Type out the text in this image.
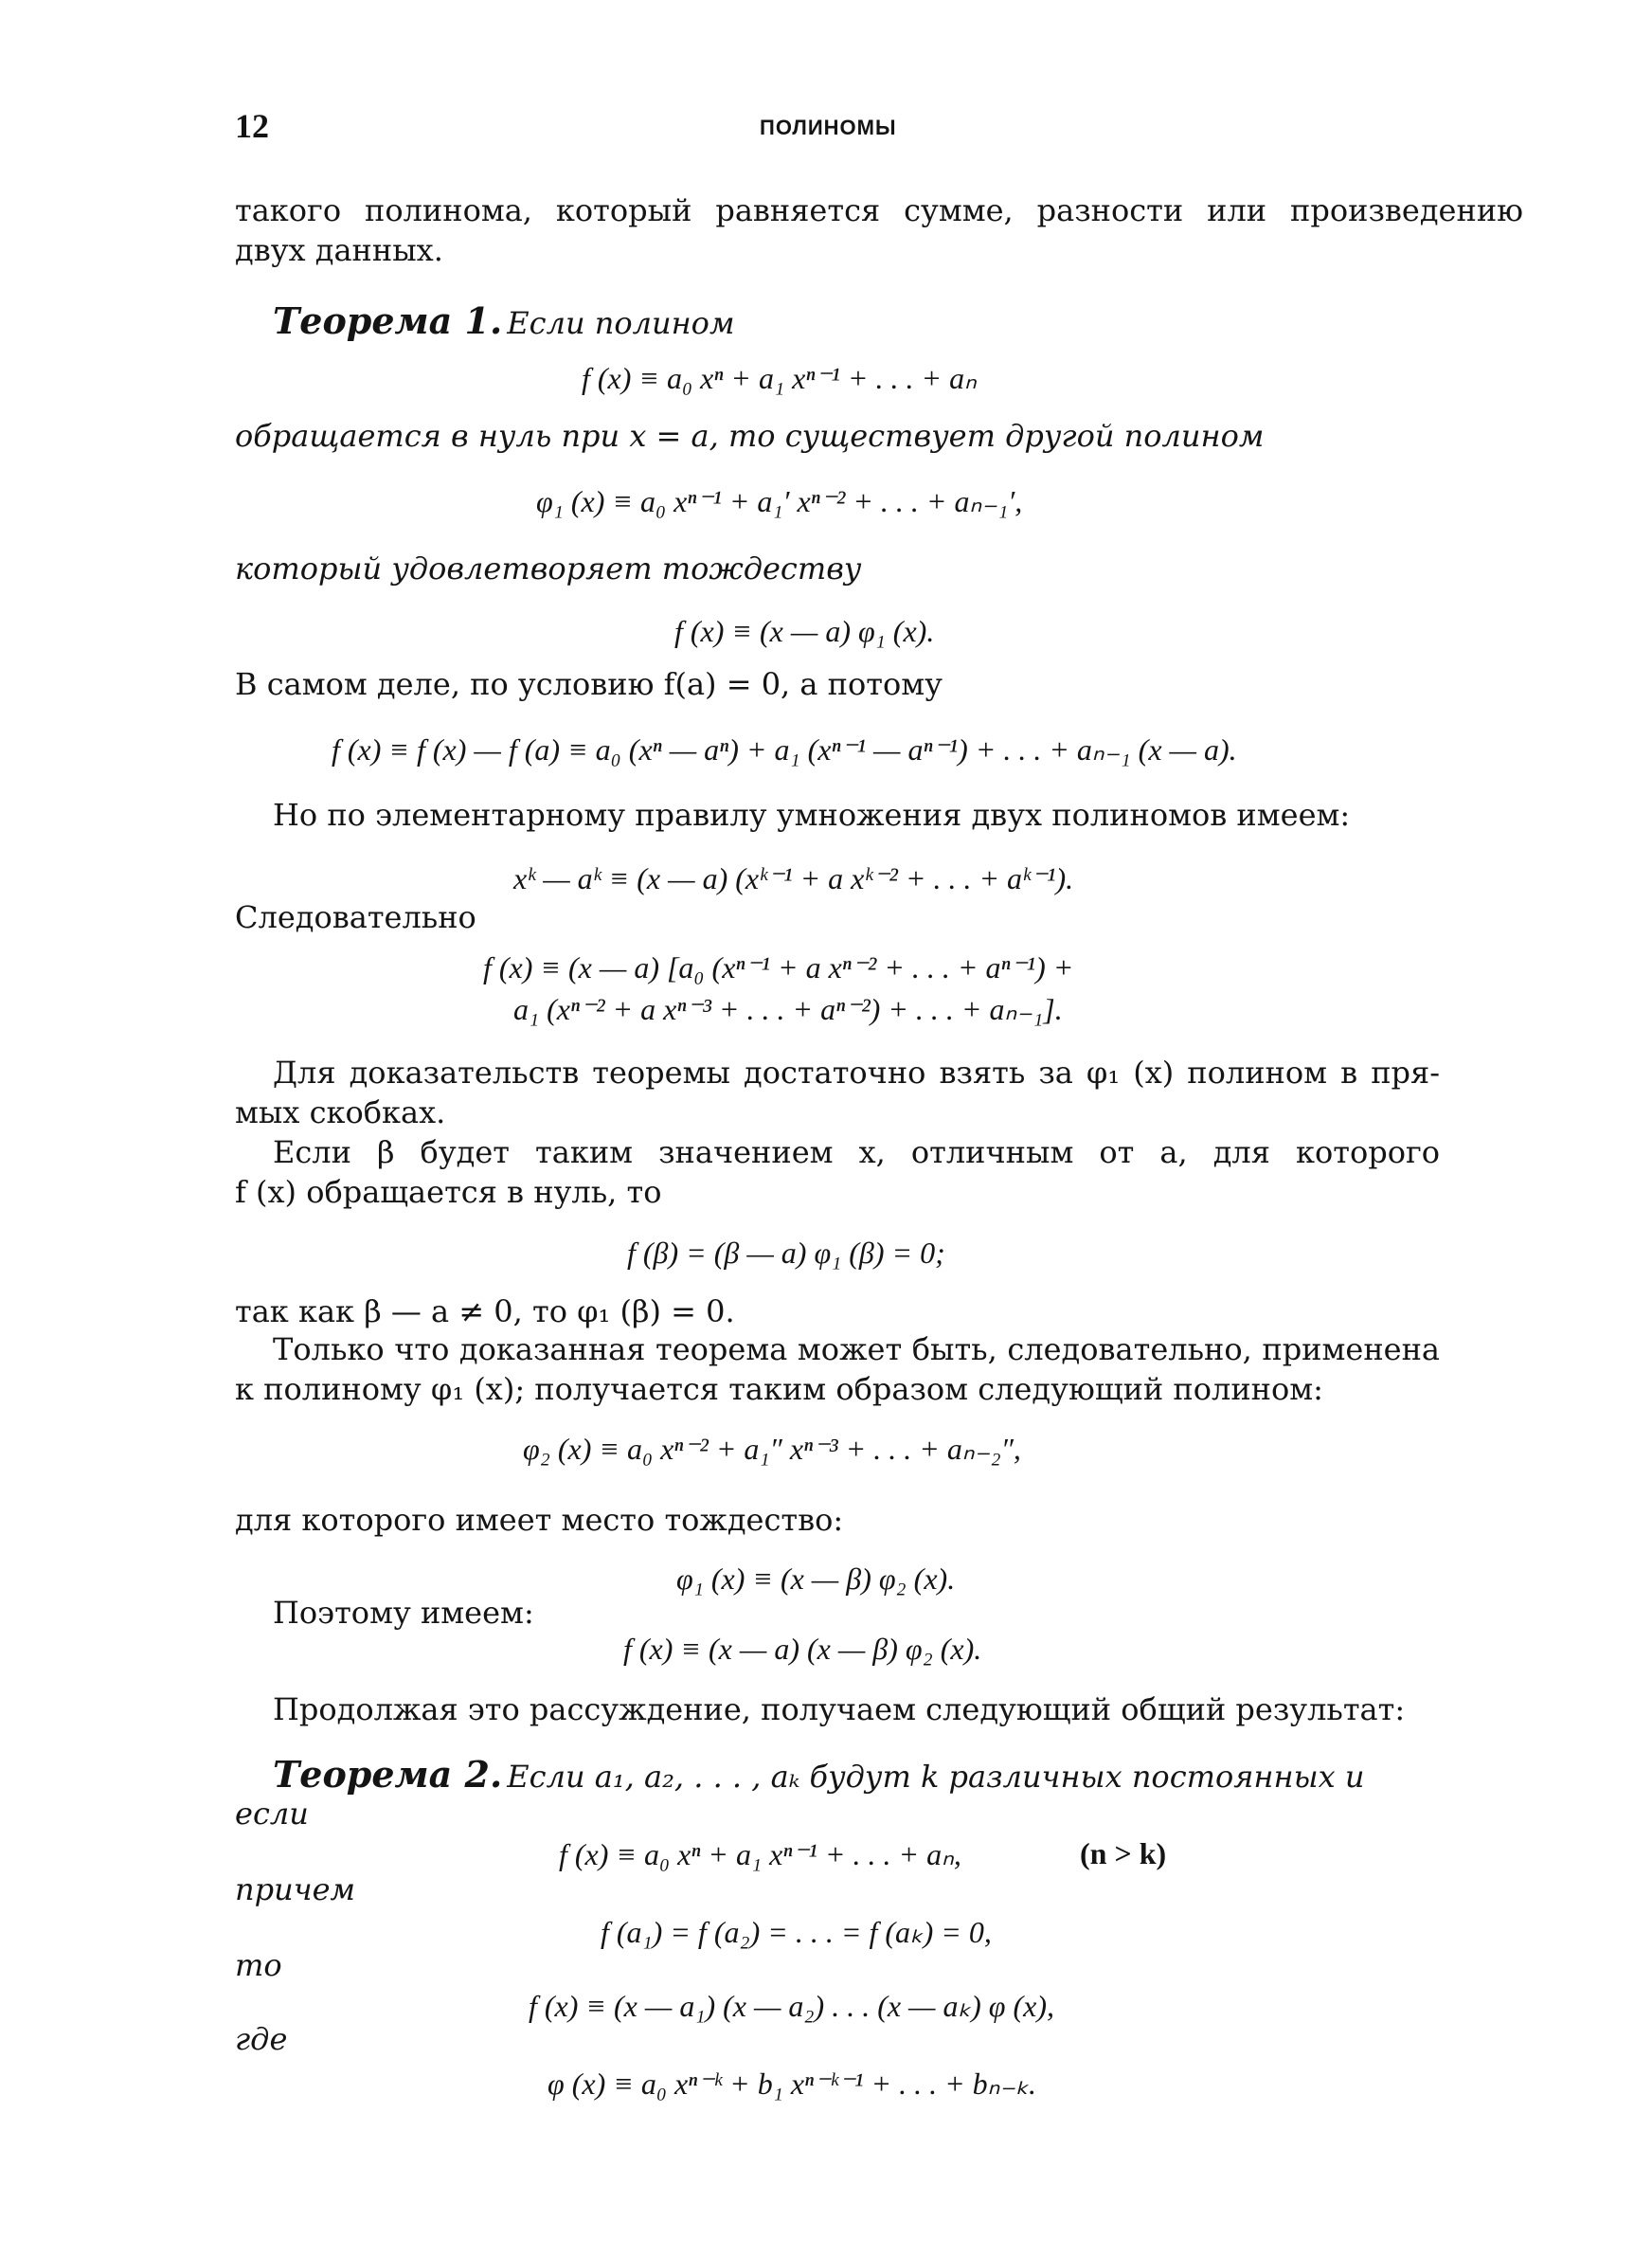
12	ПОЛИНОМЫ
такого полинома, который равняется сумме, разности или произведению
двух данных.
Теорема 1. Если полином
f (x) ≡ a₀ xⁿ + a₁ xⁿ⁻¹ + . . . + aₙ
обращается в нуль при x = a, то существует другой полином
φ₁ (x) ≡ a₀ xⁿ⁻¹ + a₁′ xⁿ⁻² + . . . + aₙ₋₁′,
который удовлетворяет тождеству
f (x) ≡ (x — a) φ₁ (x).
В самом деле, по условию f(a) = 0, а потому
f (x) ≡ f (x) — f (a) ≡ a₀ (xⁿ — aⁿ) + a₁ (xⁿ⁻¹ — aⁿ⁻¹) + . . . + aₙ₋₁ (x — a).
Но по элементарному правилу умножения двух полиномов имеем:
xᵏ — aᵏ ≡ (x — a) (xᵏ⁻¹ + a xᵏ⁻² + . . . + aᵏ⁻¹).
Следовательно
f (x) ≡ (x — a) [a₀ (xⁿ⁻¹ + a xⁿ⁻² + . . . + aⁿ⁻¹) +
a₁ (xⁿ⁻² + a xⁿ⁻³ + . . . + aⁿ⁻²) + . . . + aₙ₋₁].
Для доказательств теоремы достаточно взять за φ₁ (x) полином в пря-
мых скобках.
Если β будет таким значением x, отличным от a, для которого
f (x) обращается в нуль, то
f (β) = (β — a) φ₁ (β) = 0;
так как β — a ≠ 0, то φ₁ (β) = 0.
Только что доказанная теорема может быть, следовательно, применена
к полиному φ₁ (x); получается таким образом следующий полином:
φ₂ (x) ≡ a₀ xⁿ⁻² + a₁″ xⁿ⁻³ + . . . + aₙ₋₂″,
для которого имеет место тождество:
φ₁ (x) ≡ (x — β) φ₂ (x).
Поэтому имеем:
f (x) ≡ (x — a) (x — β) φ₂ (x).
Продолжая это рассуждение, получаем следующий общий результат:
Теорема 2. Если a₁, a₂, . . . , aₖ будут k различных постоянных и
если
f (x) ≡ a₀ xⁿ + a₁ xⁿ⁻¹ + . . . + aₙ,	(n > k)
причем
f (a₁) = f (a₂) = . . . = f (aₖ) = 0,
то
f (x) ≡ (x — a₁) (x — a₂) . . . (x — aₖ) φ (x),
где
φ (x) ≡ a₀ xⁿ⁻ᵏ + b₁ xⁿ⁻ᵏ⁻¹ + . . . + bₙ₋ₖ.
